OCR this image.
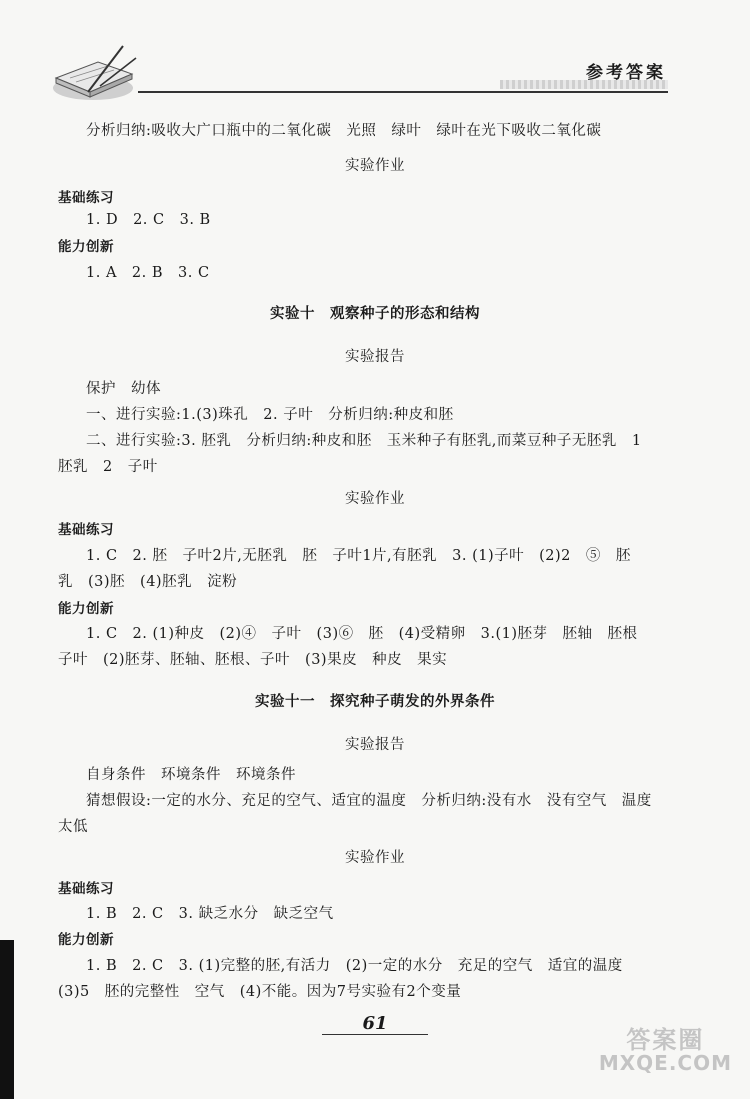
参考答案
分析归纳:吸收大广口瓶中的二氧化碳　光照　绿叶　绿叶在光下吸收二氧化碳
实验作业
基础练习
1. D　2. C　3. B
能力创新
1. A　2. B　3. C
实验十　观察种子的形态和结构
实验报告
保护　幼体
一、进行实验:1.(3)珠孔　2. 子叶　分析归纳:种皮和胚
二、进行实验:3. 胚乳　分析归纳:种皮和胚　玉米种子有胚乳,而菜豆种子无胚乳　1
胚乳　2　子叶
实验作业
基础练习
1. C　2. 胚　子叶2片,无胚乳　胚　子叶1片,有胚乳　3. (1)子叶　(2)2　⑤　胚
乳　(3)胚　(4)胚乳　淀粉
能力创新
1. C　2. (1)种皮　(2)④　子叶　(3)⑥　胚　(4)受精卵　3.(1)胚芽　胚轴　胚根
子叶　(2)胚芽、胚轴、胚根、子叶　(3)果皮　种皮　果实
实验十一　探究种子萌发的外界条件
实验报告
自身条件　环境条件　环境条件
猜想假设:一定的水分、充足的空气、适宜的温度　分析归纳:没有水　没有空气　温度
太低
实验作业
基础练习
1. B　2. C　3. 缺乏水分　缺乏空气
能力创新
1. B　2. C　3. (1)完整的胚,有活力　(2)一定的水分　充足的空气　适宜的温度
(3)5　胚的完整性　空气　(4)不能。因为7号实验有2个变量
61
答案圈
MXQE.COM
